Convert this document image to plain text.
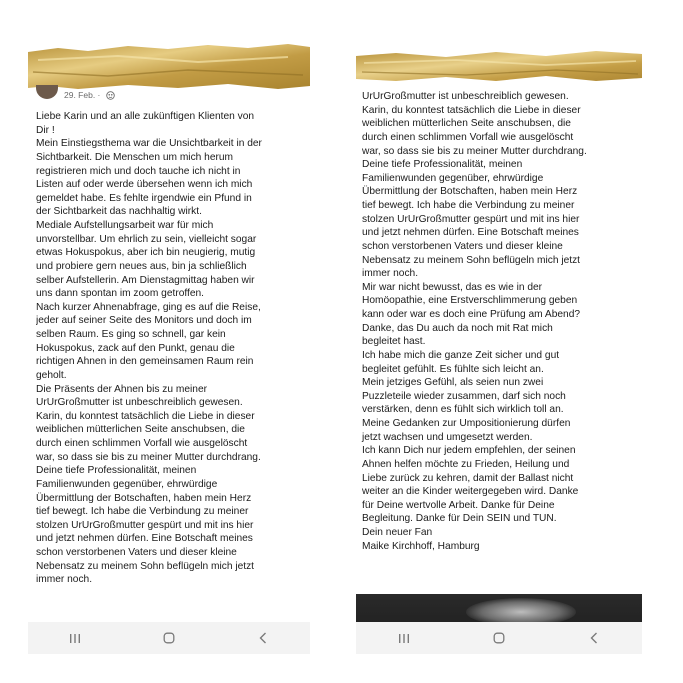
29. Feb. ·

Liebe Karin und an alle zukünftigen Klienten von

Dir !

Mein Einstiegsthema war die Unsichtbarkeit in der

Sichtbarkeit. Die Menschen um mich herum

registrieren mich und doch tauche ich nicht in

Listen auf oder werde übersehen wenn ich mich

gemeldet habe. Es fehlte irgendwie ein Pfund in

der Sichtbarkeit das nachhaltig wirkt.

Mediale Aufstellungsarbeit war für mich

unvorstellbar. Um ehrlich zu sein, vielleicht sogar

etwas Hokuspokus, aber ich bin neugierig, mutig

und probiere gern neues aus, bin ja schließlich

selber Aufstellerin. Am Dienstagmittag haben wir

uns dann spontan im zoom getroffen.

Nach kurzer Ahnenabfrage, ging es auf die Reise,

jeder auf seiner Seite des Monitors und doch im

selben Raum. Es ging so schnell, gar kein

Hokuspokus, zack auf den Punkt, genau die

richtigen Ahnen in den gemeinsamen Raum rein

geholt.

Die Präsents der Ahnen bis zu meiner

UrUrGroßmutter ist unbeschreiblich gewesen.

Karin, du konntest tatsächlich die Liebe in dieser

weiblichen mütterlichen Seite anschubsen, die

durch einen schlimmen Vorfall wie ausgelöscht

war, so dass sie bis zu meiner Mutter durchdrang.

Deine tiefe Professionalität, meinen

Familienwunden gegenüber, ehrwürdige

Übermittlung der Botschaften, haben mein Herz

tief bewegt. Ich habe die Verbindung zu meiner

stolzen UrUrGroßmutter gespürt und mit ins hier

und jetzt nehmen dürfen. Eine Botschaft meines

schon verstorbenen Vaters und dieser kleine

Nebensatz zu meinem Sohn beflügeln mich jetzt

immer noch.

UrUrGroßmutter ist unbeschreiblich gewesen.

Karin, du konntest tatsächlich die Liebe in dieser

weiblichen mütterlichen Seite anschubsen, die

durch einen schlimmen Vorfall wie ausgelöscht

war, so dass sie bis zu meiner Mutter durchdrang.

Deine tiefe Professionalität, meinen

Familienwunden gegenüber, ehrwürdige

Übermittlung der Botschaften, haben mein Herz

tief bewegt. Ich habe die Verbindung zu meiner

stolzen UrUrGroßmutter gespürt und mit ins hier

und jetzt nehmen dürfen. Eine Botschaft meines

schon verstorbenen Vaters und dieser kleine

Nebensatz zu meinem Sohn beflügeln mich jetzt

immer noch.

Mir war nicht bewusst, das es wie in der

Homöopathie, eine Erstverschlimmerung geben

kann oder war es doch eine Prüfung am Abend?

Danke, das Du auch da noch mit Rat mich

begleitet hast.

Ich habe mich die ganze Zeit sicher und gut

begleitet gefühlt. Es fühlte sich leicht an.

Mein jetziges Gefühl, als seien nun zwei

Puzzleteile wieder zusammen, darf sich noch

verstärken, denn es fühlt sich wirklich toll an.

Meine Gedanken zur Umpositionierung dürfen

jetzt wachsen und umgesetzt werden.

Ich kann Dich nur jedem empfehlen, der seinen

Ahnen helfen möchte zu Frieden, Heilung und

Liebe zurück zu kehren, damit der Ballast nicht

weiter an die Kinder weitergegeben wird. Danke

für Deine wertvolle Arbeit. Danke für Deine

Begleitung. Danke für Dein SEIN und TUN.

Dein neuer Fan

Maike Kirchhoff, Hamburg
